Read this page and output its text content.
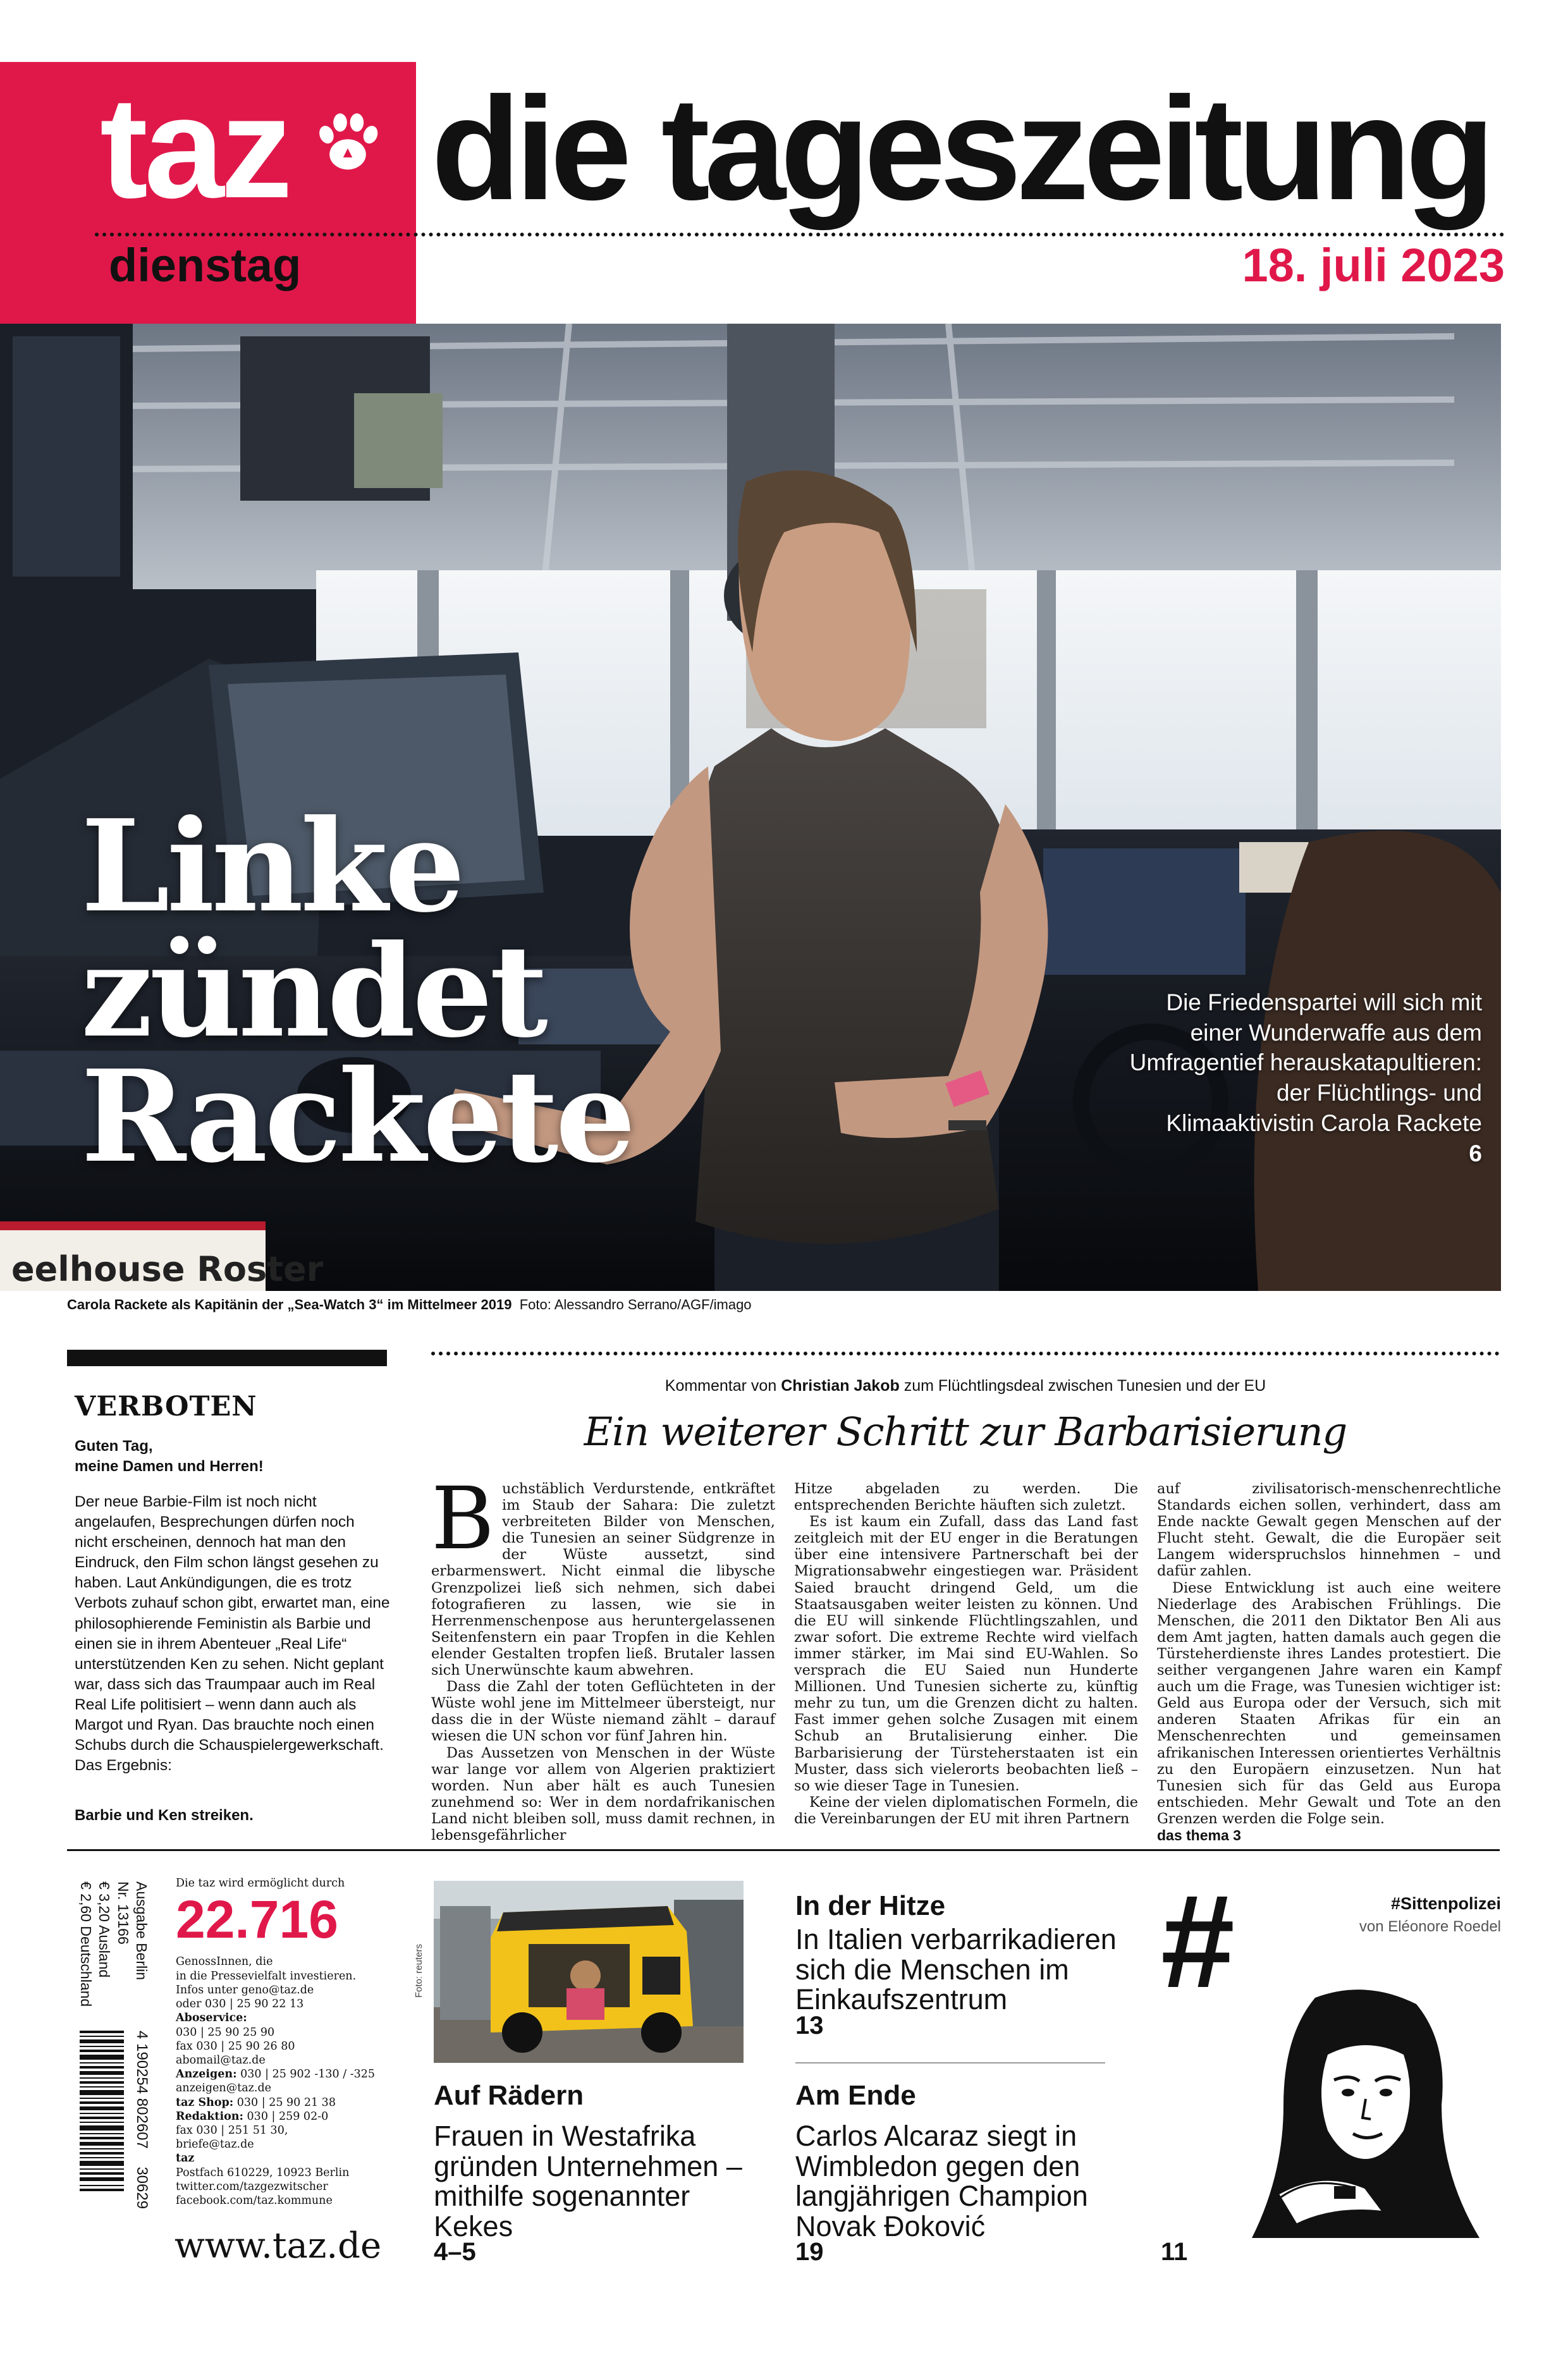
taz die tageszeitung
dienstag	18. juli 2023
eelhouse Roster
Linke
zündet
Rackete
Die Friedenspartei will sich mit einer Wunderwaffe aus dem Umfragentief herauskatapultieren: der Flüchtlings- und Klimaaktivistin Carola Rackete
6
Carola Rackete als Kapitänin der „Sea-Watch 3“ im Mittelmeer 2019 Foto: Alessandro Serrano/AGF/imago
VERBOTEN
Guten Tag,
meine Damen und Herren!
Der neue Barbie-Film ist noch nicht angelaufen, Besprechungen dürfen noch nicht erscheinen, dennoch hat man den Eindruck, den Film schon längst gesehen zu haben. Laut Ankündigungen, die es trotz Verbots zuhauf schon gibt, erwartet man, eine philosophierende Feministin als Barbie und einen sie in ihrem Abenteuer „Real Life“ unterstützenden Ken zu sehen. Nicht geplant war, dass sich das Traumpaar auch im Real Real Life politisiert – wenn dann auch als Margot und Ryan. Das brauchte noch einen Schubs durch die Schauspielergewerkschaft. Das Ergebnis:
Barbie und Ken streiken.
Kommentar von Christian Jakob zum Flüchtlingsdeal zwischen Tunesien und der EU
Ein weiterer Schritt zur Barbarisierung

Buchstäblich Verdurstende, entkräftet im Staub der Sahara: Die zuletzt verbreiteten Bilder von Menschen, die Tunesien an seiner Südgrenze in der Wüste aussetzt, sind erbarmenswert. Nicht einmal die libysche Grenzpolizei ließ sich nehmen, sich dabei fotografieren zu lassen, wie sie in Herrenmenschenpose aus heruntergelassenen Seitenfenstern ein paar Tropfen in die Kehlen elender Gestalten tropfen ließ. Brutaler lassen sich Unerwünschte kaum abwehren.

Dass die Zahl der toten Geflüchteten in der Wüste wohl jene im Mittelmeer übersteigt, nur dass die in der Wüste niemand zählt – darauf wiesen die UN schon vor fünf Jahren hin.

Das Aussetzen von Menschen in der Wüste war lange vor allem von Algerien praktiziert worden. Nun aber hält es auch Tunesien zunehmend so: Wer in dem nordafrikanischen Land nicht bleiben soll, muss damit rechnen, in lebensgefährlicher

Hitze abgeladen zu werden. Die entsprechenden Berichte häuften sich zuletzt.

Es ist kaum ein Zufall, dass das Land fast zeitgleich mit der EU enger in die Beratungen über eine intensivere Partnerschaft bei der Migrationsabwehr eingestiegen war. Präsident Saied braucht dringend Geld, um die Staatsausgaben weiter leisten zu können. Und die EU will sinkende Flüchtlingszahlen, und zwar sofort. Die extreme Rechte wird vielfach immer stärker, im Mai sind EU-Wahlen. So versprach die EU Saied nun Hunderte Millionen. Und Tunesien sicherte zu, künftig mehr zu tun, um die Grenzen dicht zu halten. Fast immer gehen solche Zusagen mit einem Schub an Brutalisierung einher. Die Barbarisierung der Türsteherstaaten ist ein Muster, dass sich vielerorts beobachten ließ – so wie dieser Tage in Tunesien.

Keine der vielen diplomatischen Formeln, die die Vereinbarungen der EU mit ihren Partnern

auf zivilisatorisch-menschenrechtliche Standards eichen sollen, verhindert, dass am Ende nackte Gewalt gegen Menschen auf der Flucht steht. Gewalt, die die Europäer seit Langem widerspruchslos hinnehmen – und dafür zahlen.

Diese Entwicklung ist auch eine weitere Niederlage des Arabischen Frühlings. Die Menschen, die 2011 den Diktator Ben Ali aus dem Amt jagten, hatten damals auch gegen die Türsteherdienste ihres Landes protestiert. Die seither vergangenen Jahre waren ein Kampf auch um die Frage, was Tunesien wichtiger ist: Geld aus Europa oder der Versuch, sich mit anderen Staaten Afrikas für ein an Menschenrechten und gemeinsamen afrikanischen Interessen orientiertes Verhältnis zu den Europäern einzusetzen. Nun hat Tunesien sich für das Geld aus Europa entschieden. Mehr Gewalt und Tote an den Grenzen werden die Folge sein.

das thema 3

Ausgabe Berlin
Nr. 13166
€ 3,20 Ausland
€ 2,60 Deutschland
4 190254 802607 30629
Die taz wird ermöglicht durch
22.716
GenossInnen, die
in die Pressevielfalt investieren.
Infos unter geno@taz.de
oder 030 | 25 90 22 13
Aboservice:
030 | 25 90 25 90
fax 030 | 25 90 26 80
abomail@taz.de
Anzeigen: 030 | 25 902 -130 / -325
anzeigen@taz.de
taz Shop: 030 | 25 90 21 38
Redaktion: 030 | 259 02-0
fax 030 | 251 51 30,
briefe@taz.de
taz
Postfach 610229, 10923 Berlin
twitter.com/tazgezwitscher
facebook.com/taz.kommune
www.taz.de
Foto: reuters
Auf Rädern
Frauen in Westafrika gründen Unternehmen – mithilfe sogenannter Kekes
4–5
In der Hitze
In Italien verbarrikadieren sich die Menschen im Einkaufszentrum
13
Am Ende
Carlos Alcaraz siegt in Wimbledon gegen den langjährigen Champion Novak Đoković
19
#	#Sittenpolizei
von Eléonore Roedel
11
